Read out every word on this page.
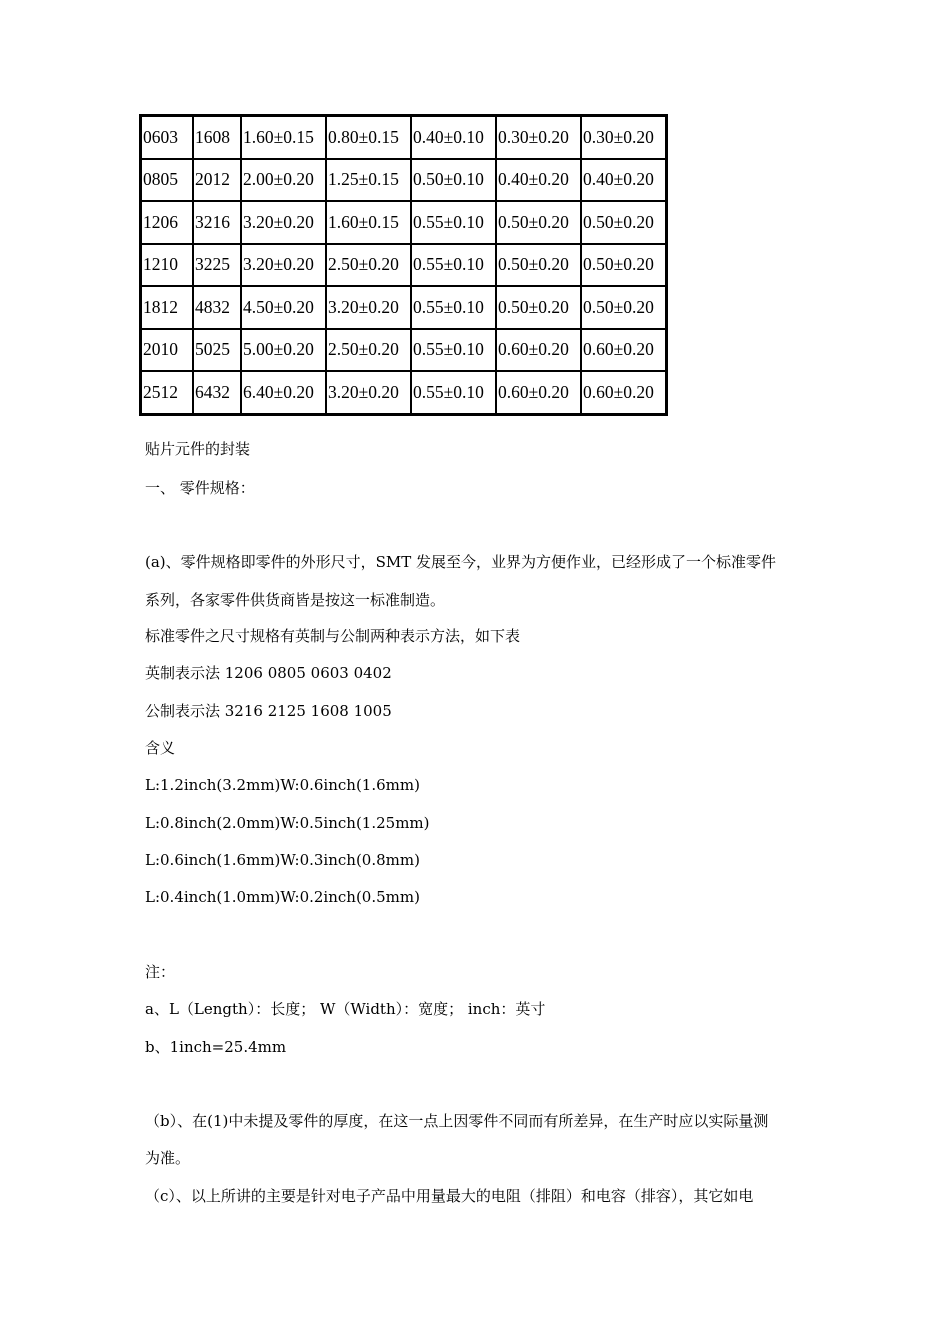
0603	1608	1.60±0.15	0.80±0.15	0.40±0.10	0.30±0.20	0.30±0.20
0805	2012	2.00±0.20	1.25±0.15	0.50±0.10	0.40±0.20	0.40±0.20
1206	3216	3.20±0.20	1.60±0.15	0.55±0.10	0.50±0.20	0.50±0.20
1210	3225	3.20±0.20	2.50±0.20	0.55±0.10	0.50±0.20	0.50±0.20
1812	4832	4.50±0.20	3.20±0.20	0.55±0.10	0.50±0.20	0.50±0.20
2010	5025	5.00±0.20	2.50±0.20	0.55±0.10	0.60±0.20	0.60±0.20
2512	6432	6.40±0.20	3.20±0.20	0.55±0.10	0.60±0.20	0.60±0.20
贴片元件的封装
一、 零件规格：
(a)、零件规格即零件的外形尺寸，SMT 发展至今，业界为方便作业，已经形成了一个标准零件
系列，各家零件供货商皆是按这一标准制造。
标准零件之尺寸规格有英制与公制两种表示方法，如下表
英制表示法 1206 0805 0603 0402
公制表示法 3216 2125 1608 1005
含义
L:1.2inch(3.2mm)W:0.6inch(1.6mm)
L:0.8inch(2.0mm)W:0.5inch(1.25mm)
L:0.6inch(1.6mm)W:0.3inch(0.8mm)
L:0.4inch(1.0mm)W:0.2inch(0.5mm)
注：
a、L（Length）：长度； W（Width）：宽度； inch：英寸
b、1inch=25.4mm
（b）、在(1)中未提及零件的厚度，在这一点上因零件不同而有所差异，在生产时应以实际量测
为准。
（c）、以上所讲的主要是针对电子产品中用量最大的电阻（排阻）和电容（排容），其它如电
